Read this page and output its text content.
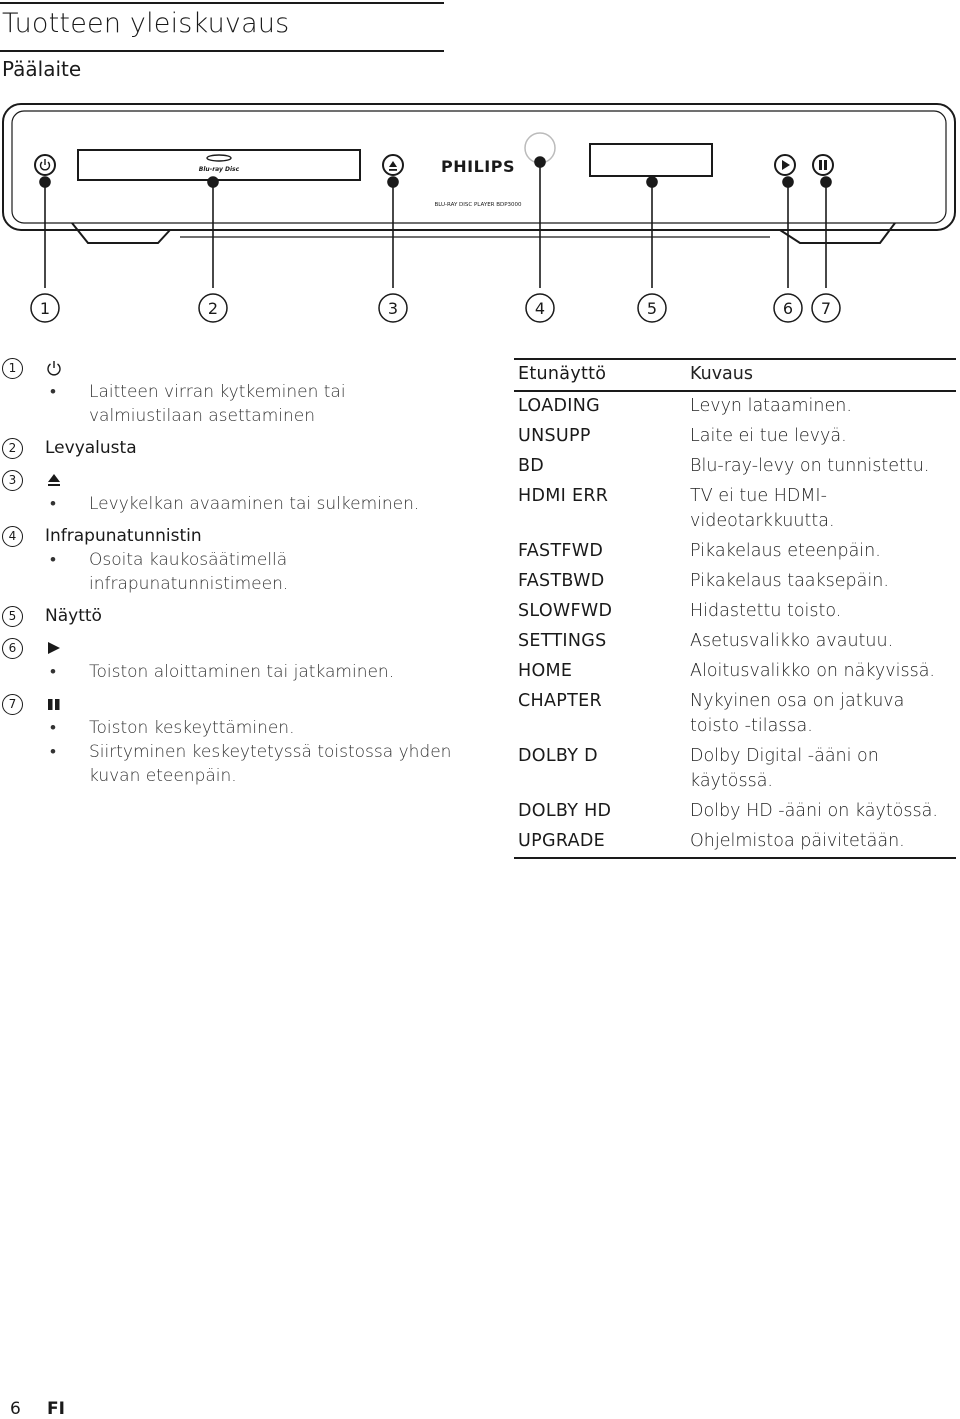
Tuotteen yleiskuvaus
Päälaite
Blu-ray Disc	PHILIPS
BLU-RAY DISC PLAYER BDP3000
1	2	3	4	5	6 7
1
• Laitteen virran kytkeminen tai valmiustilaan asettaminen
2	Levyalusta
3
• Levykelkan avaaminen tai sulkeminen.
4	Infrapunatunnistin
• Osoita kaukosäätimellä infrapunatunnistimeen.
5	Näyttö
6
• Toiston aloittaminen tai jatkaminen.
7
• Toiston keskeyttäminen.
• Siirtyminen keskeytetyssä toistossa yhden kuvan eteenpäin.
Etunäyttö	Kuvaus
LOADING	Levyn lataaminen.
UNSUPP	Laite ei tue levyä.
BD	Blu-ray-levy on tunnistettu.
HDMI ERR	TV ei tue HDMI-videotarkkuutta.
FASTFWD	Pikakelaus eteenpäin.
FASTBWD	Pikakelaus taaksepäin.
SLOWFWD	Hidastettu toisto.
SETTINGS	Asetusvalikko avautuu.
HOME	Aloitusvalikko on näkyvissä.
CHAPTER	Nykyinen osa on jatkuva toisto -tilassa.
DOLBY D	Dolby Digital -ääni on käytössä.
DOLBY HD	Dolby HD -ääni on käytössä.
UPGRADE	Ohjelmistoa päivitetään.
6 FI
